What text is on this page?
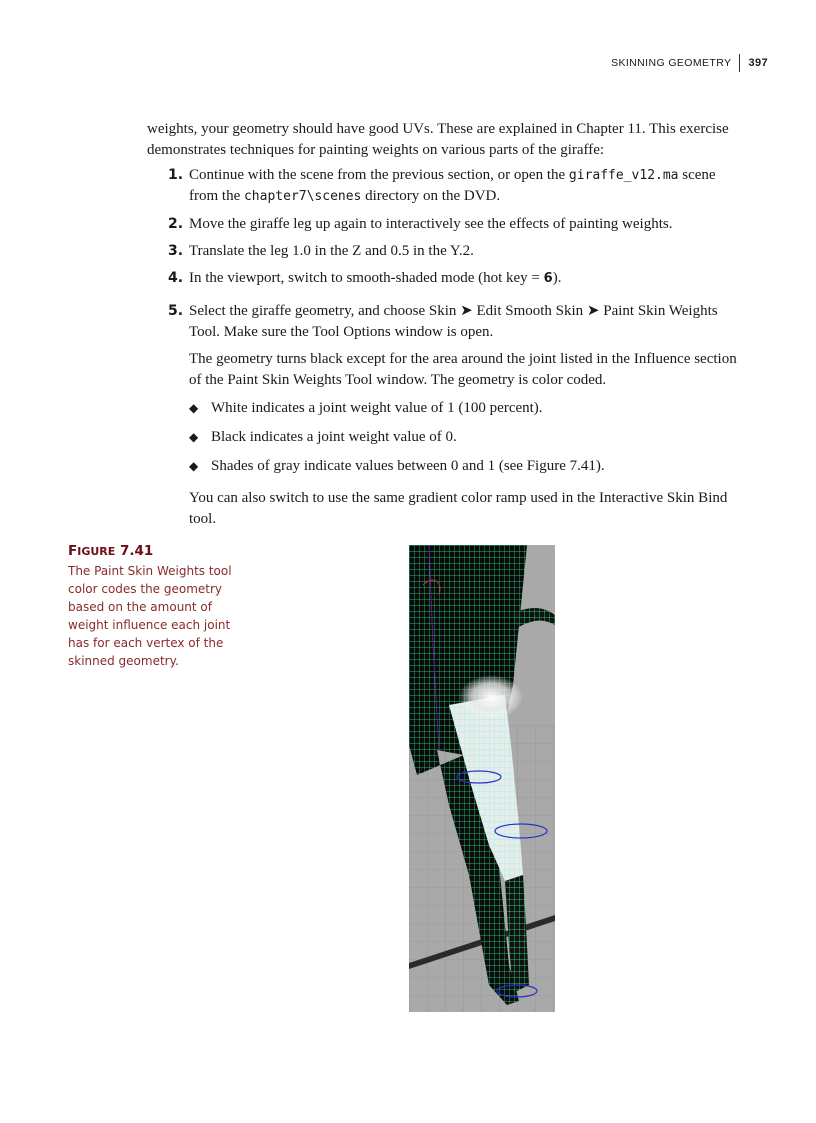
SKINNING GEOMETRY	397
weights, your geometry should have good UVs. These are explained in Chapter 11. This exercise demonstrates techniques for painting weights on various parts of the giraffe:
1. Continue with the scene from the previous section, or open the giraffe_v12.ma scene from the chapter7\scenes directory on the DVD.
2. Move the giraffe leg up again to interactively see the effects of painting weights.
3. Translate the leg 1.0 in the Z and 0.5 in the Y.2.
4. In the viewport, switch to smooth-shaded mode (hot key = 6).
5. Select the giraffe geometry, and choose Skin ➤ Edit Smooth Skin ➤ Paint Skin Weights Tool. Make sure the Tool Options window is open.
The geometry turns black except for the area around the joint listed in the Influence section of the Paint Skin Weights Tool window. The geometry is color coded.
◆ White indicates a joint weight value of 1 (100 percent).
◆ Black indicates a joint weight value of 0.
◆ Shades of gray indicate values between 0 and 1 (see Figure 7.41).
You can also switch to use the same gradient color ramp used in the Interactive Skin Bind tool.
FIGURE 7.41
The Paint Skin Weights tool color codes the geometry based on the amount of weight influence each joint has for each vertex of the skinned geometry.
